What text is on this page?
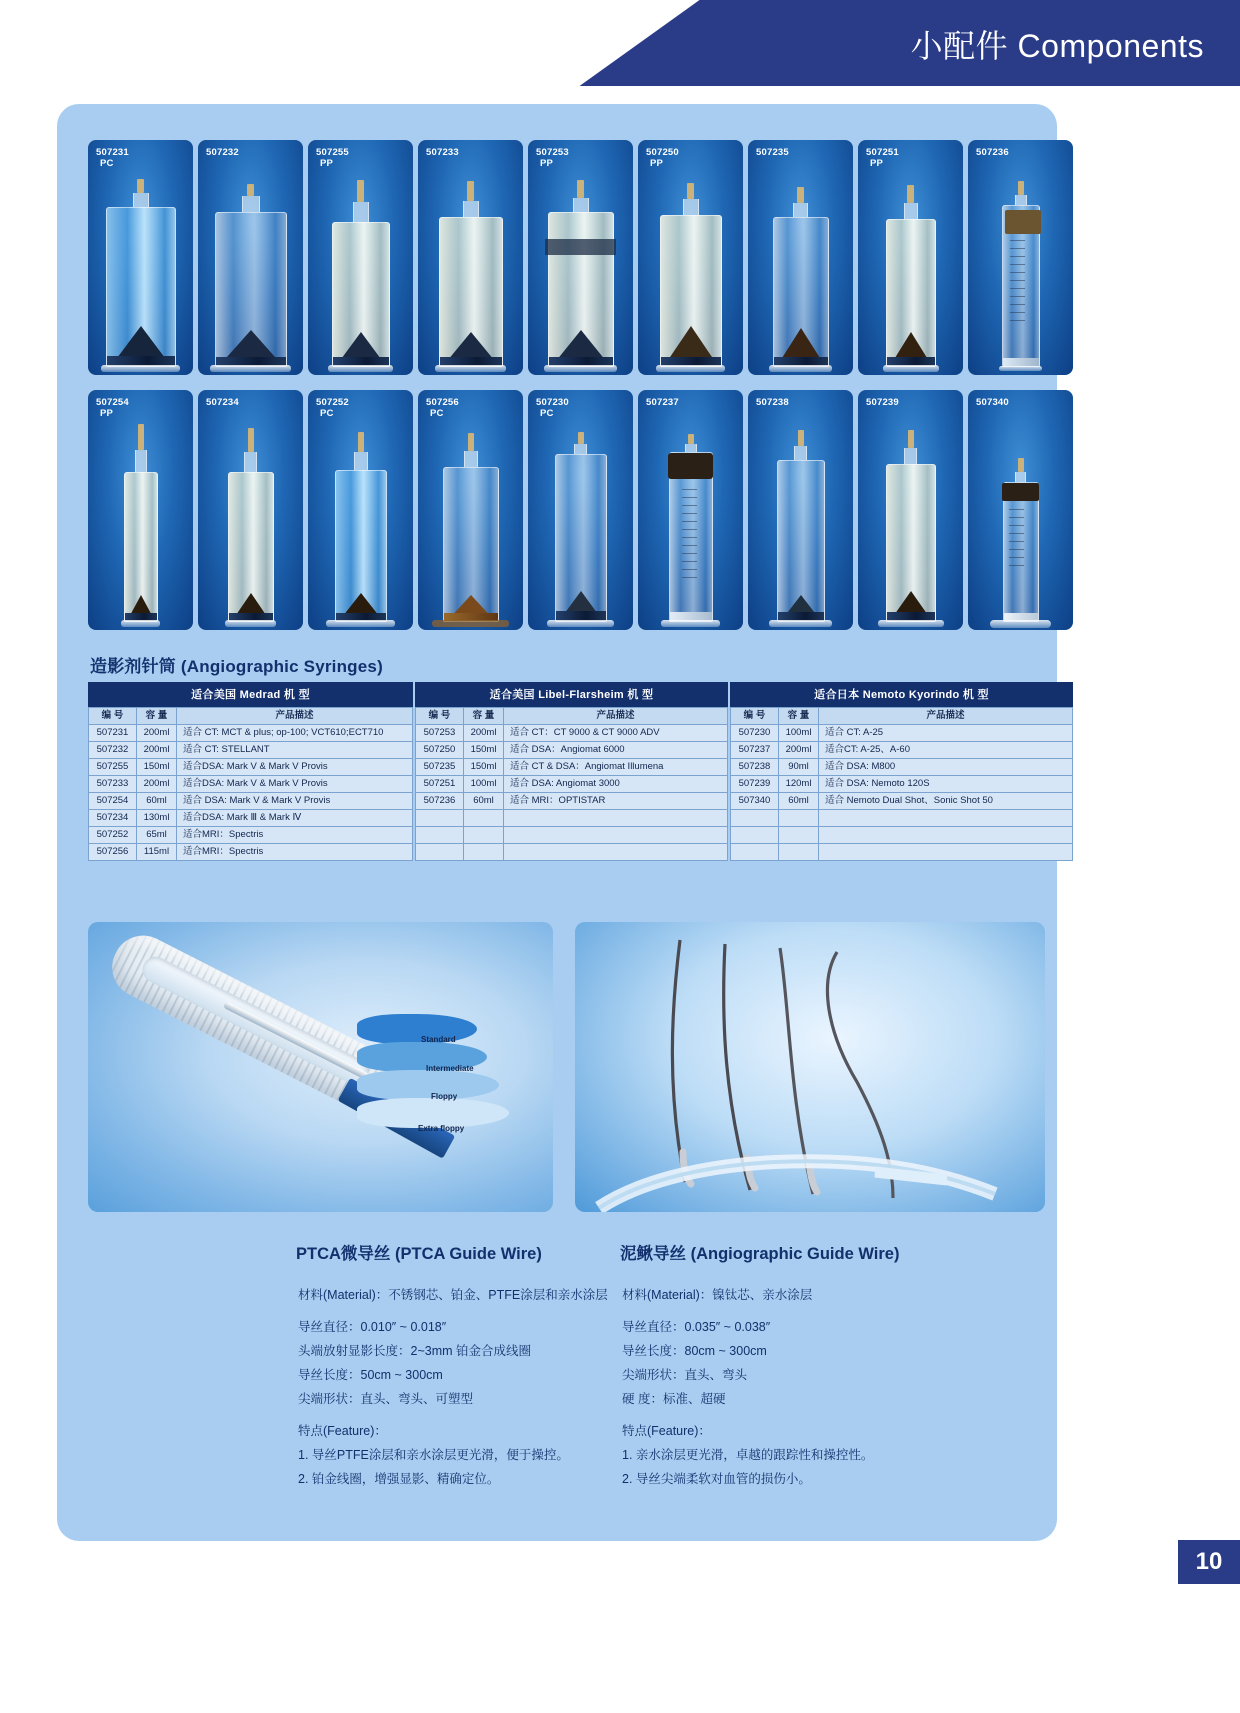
小配件 Components
507231
PC
507232	507255
PP
507233	507253
PP
507250
PP
507235	507251
PP
507236
507254
PP
507234	507252
PC
507256
PC
507230
PC
507237	507238	507239	507340
造影剂针筒 (Angiographic Syringes)
适合美国 Medrad 机 型
编 号	容 量	产品描述
507231	200ml	适合 CT: MCT & plus; op-100; VCT610;ECT710
507232	200ml	适合 CT: STELLANT
507255	150ml	适合DSA: Mark V & Mark V Provis
507233	200ml	适合DSA: Mark V & Mark V Provis
507254	60ml	适合 DSA: Mark V & Mark V Provis
507234	130ml	适合DSA: Mark Ⅲ & Mark Ⅳ
507252	65ml	适合MRI：Spectris
507256	115ml	适合MRI：Spectris
适合美国 Libel-Flarsheim 机 型
编 号	容 量	产品描述
507253	200ml	适合 CT：CT 9000 & CT 9000 ADV
507250	150ml	适合 DSA：Angiomat 6000
507235	150ml	适合 CT & DSA：Angiomat Illumena
507251	100ml	适合 DSA: Angiomat 3000
507236	60ml	适合 MRI：OPTISTAR

适合日本 Nemoto Kyorindo 机 型
编 号	容 量	产品描述
507230	100ml	适合 CT: A-25
507237	200ml	适合CT: A-25、A-60
507238	90ml	适合 DSA: M800
507239	120ml	适合 DSA: Nemoto 120S
507340	60ml	适合 Nemoto Dual Shot、Sonic Shot 50

Standard
Intermediate
Floppy
Extra floppy
PTCA微导丝 (PTCA Guide Wire)
材料(Material)：不锈钢芯、铂金、PTFE涂层和亲水涂层
导丝直径：0.010″ ~ 0.018″
头端放射显影长度：2~3mm 铂金合成线圈
导丝长度：50cm ~ 300cm
尖端形状：直头、弯头、可塑型
特点(Feature)：
1. 导丝PTFE涂层和亲水涂层更光滑，便于操控。
2. 铂金线圈，增强显影、精确定位。
泥鳅导丝 (Angiographic Guide Wire)
材料(Material)：镍钛芯、亲水涂层
导丝直径：0.035″ ~ 0.038″
导丝长度：80cm ~ 300cm
尖端形状：直头、弯头
硬 度：标准、超硬
特点(Feature)：
1. 亲水涂层更光滑，卓越的跟踪性和操控性。
2. 导丝尖端柔软对血管的损伤小。
10
